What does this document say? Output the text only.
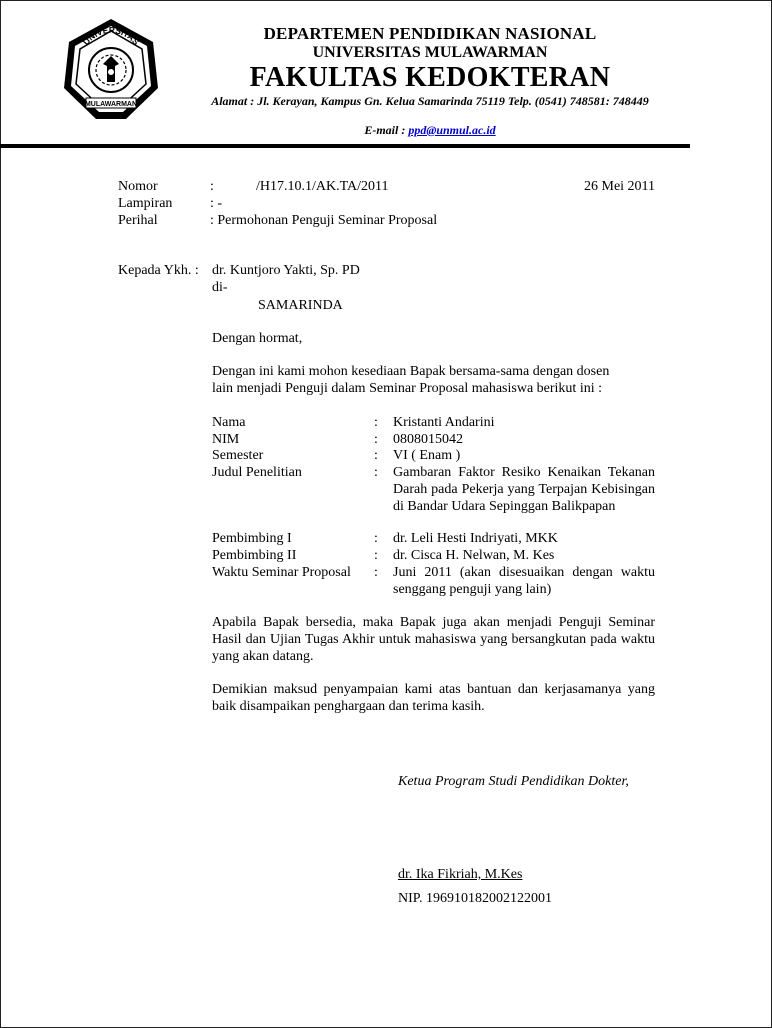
UNIVERSITAS
MULAWARMAN
DEPARTEMEN PENDIDIKAN NASIONAL
UNIVERSITAS MULAWARMAN
FAKULTAS KEDOKTERAN
Alamat : Jl. Kerayan, Kampus Gn. Kelua Samarinda 75119 Telp. (0541) 748581: 748449
E-mail : ppd@unmul.ac.id
Nomor	:	/H17.10.1/AK.TA/2011	26 Mei 2011
Lampiran	: -
Perihal	: Permohonan Penguji Seminar Proposal
Kepada Ykh. : dr. Kuntjoro Yakti, Sp. PD
di-
SAMARINDA
Dengan hormat,
Dengan ini kami mohon kesediaan Bapak bersama-sama dengan dosen
lain menjadi Penguji dalam Seminar Proposal mahasiswa berikut ini :
Nama	: Kristanti Andarini
NIM	: 0808015042
Semester	: VI ( Enam )
Judul Penelitian	: Gambaran Faktor Resiko Kenaikan Tekanan Darah pada Pekerja yang Terpajan Kebisingan di Bandar Udara Sepinggan Balikpapan
Pembimbing I	: dr. Leli Hesti Indriyati, MKK
Pembimbing II	: dr. Cisca H. Nelwan, M. Kes
Waktu Seminar Proposal : Juni 2011 (akan disesuaikan dengan waktu senggang penguji yang lain)
Apabila Bapak bersedia, maka Bapak juga akan menjadi Penguji Seminar Hasil dan Ujian Tugas Akhir untuk mahasiswa yang bersangkutan pada waktu yang akan datang.
Demikian maksud penyampaian kami atas bantuan dan kerjasamanya yang baik disampaikan penghargaan dan terima kasih.
Ketua Program Studi Pendidikan Dokter,
dr. Ika Fikriah, M.Kes
NIP. 196910182002122001
